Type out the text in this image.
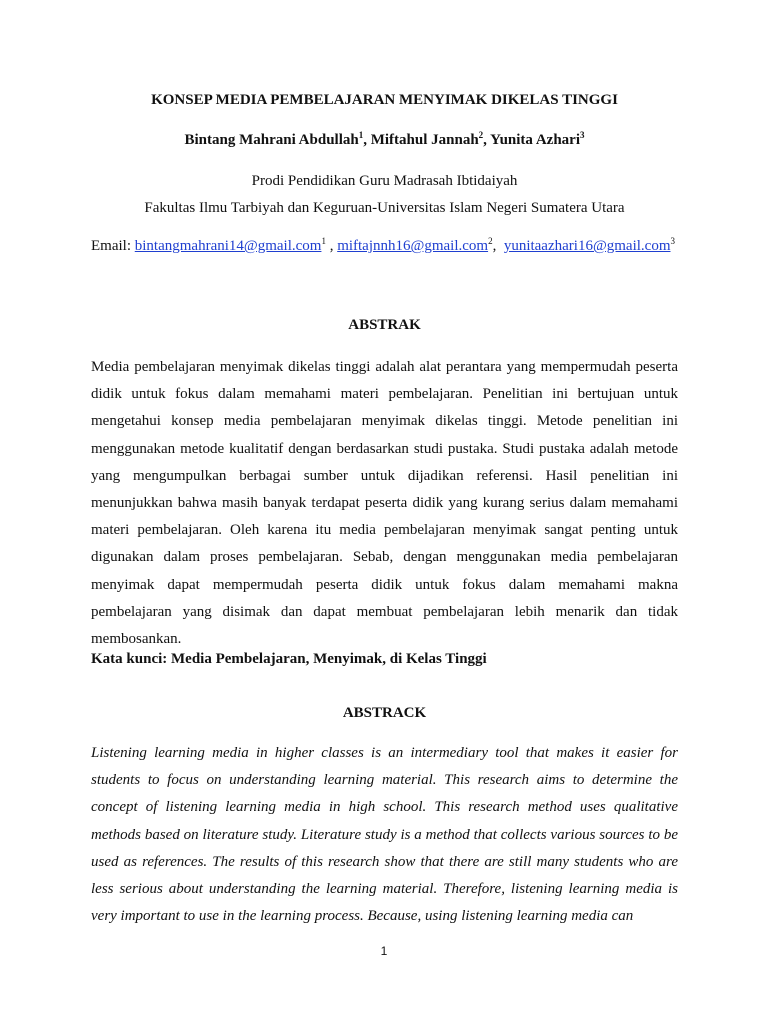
KONSEP MEDIA PEMBELAJARAN MENYIMAK DIKELAS TINGGI
Bintang Mahrani Abdullah$^1$, Miftahul Jannah$^2$, Yunita Azhari$^3$
Prodi Pendidikan Guru Madrasah Ibtidaiyah
Fakultas Ilmu Tarbiyah dan Keguruan-Universitas Islam Negeri Sumatera Utara
Email: bintangmahrani14@gmail.com$^1$ , miftajnnh16@gmail.com$^2$,  yunitaazhari16@gmail.com$^3$
ABSTRAK

Media pembelajaran menyimak dikelas tinggi adalah alat perantara yang mempermudah peserta didik untuk fokus dalam memahami materi pembelajaran. Penelitian ini bertujuan untuk mengetahui konsep media pembelajaran menyimak dikelas tinggi. Metode penelitian ini menggunakan metode kualitatif dengan berdasarkan studi pustaka. Studi pustaka adalah metode yang mengumpulkan berbagai sumber untuk dijadikan referensi. Hasil penelitian ini menunjukkan bahwa masih banyak terdapat peserta didik yang kurang serius dalam memahami materi pembelajaran. Oleh karena itu media pembelajaran menyimak sangat penting untuk digunakan dalam proses pembelajaran. Sebab, dengan menggunakan media pembelajaran menyimak dapat mempermudah peserta didik untuk fokus dalam memahami makna pembelajaran yang disimak dan dapat membuat pembelajaran lebih menarik dan tidak membosankan.

Kata kunci: Media Pembelajaran, Menyimak, di Kelas Tinggi
ABSTRACK

Listening learning media in higher classes is an intermediary tool that makes it easier for students to focus on understanding learning material. This research aims to determine the concept of listening learning media in high school. This research method uses qualitative methods based on literature study. Literature study is a method that collects various sources to be used as references. The results of this research show that there are still many students who are less serious about understanding the learning material. Therefore, listening learning media is very important to use in the learning process. Because, using listening learning media can

1
